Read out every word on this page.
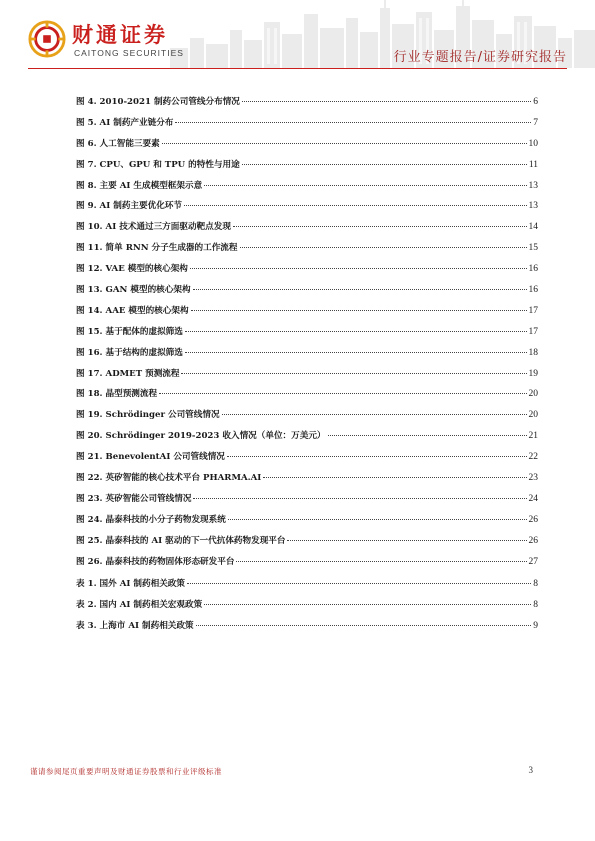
财通证券
CAITONG SECURITIES	行业专题报告/证券研究报告
图 4. 2010-2021 制药公司管线分布情况	6
图 5. AI 制药产业链分布	7
图 6. 人工智能三要素	10
图 7. CPU、GPU 和 TPU 的特性与用途	11
图 8. 主要 AI 生成模型框架示意	13
图 9. AI 制药主要优化环节	13
图 10. AI 技术通过三方面驱动靶点发现	14
图 11. 简单 RNN 分子生成器的工作流程	15
图 12. VAE 模型的核心架构	16
图 13. GAN 模型的核心架构	16
图 14. AAE 模型的核心架构	17
图 15. 基于配体的虚拟筛选	17
图 16. 基于结构的虚拟筛选	18
图 17. ADMET 预测流程	19
图 18. 晶型预测流程	20
图 19. Schrödinger 公司管线情况	20
图 20. Schrödinger 2019-2023 收入情况（单位：万美元）	21
图 21. BenevolentAI 公司管线情况	22
图 22. 英矽智能的核心技术平台 PHARMA.AI	23
图 23. 英矽智能公司管线情况	24
图 24. 晶泰科技的小分子药物发现系统	26
图 25. 晶泰科技的 AI 驱动的下一代抗体药物发现平台	26
图 26. 晶泰科技的药物固体形态研发平台	27
表 1. 国外 AI 制药相关政策	8
表 2. 国内 AI 制药相关宏观政策	8
表 3. 上海市 AI 制药相关政策	9
谨请参阅尾页重要声明及财通证券股票和行业评级标准	3
